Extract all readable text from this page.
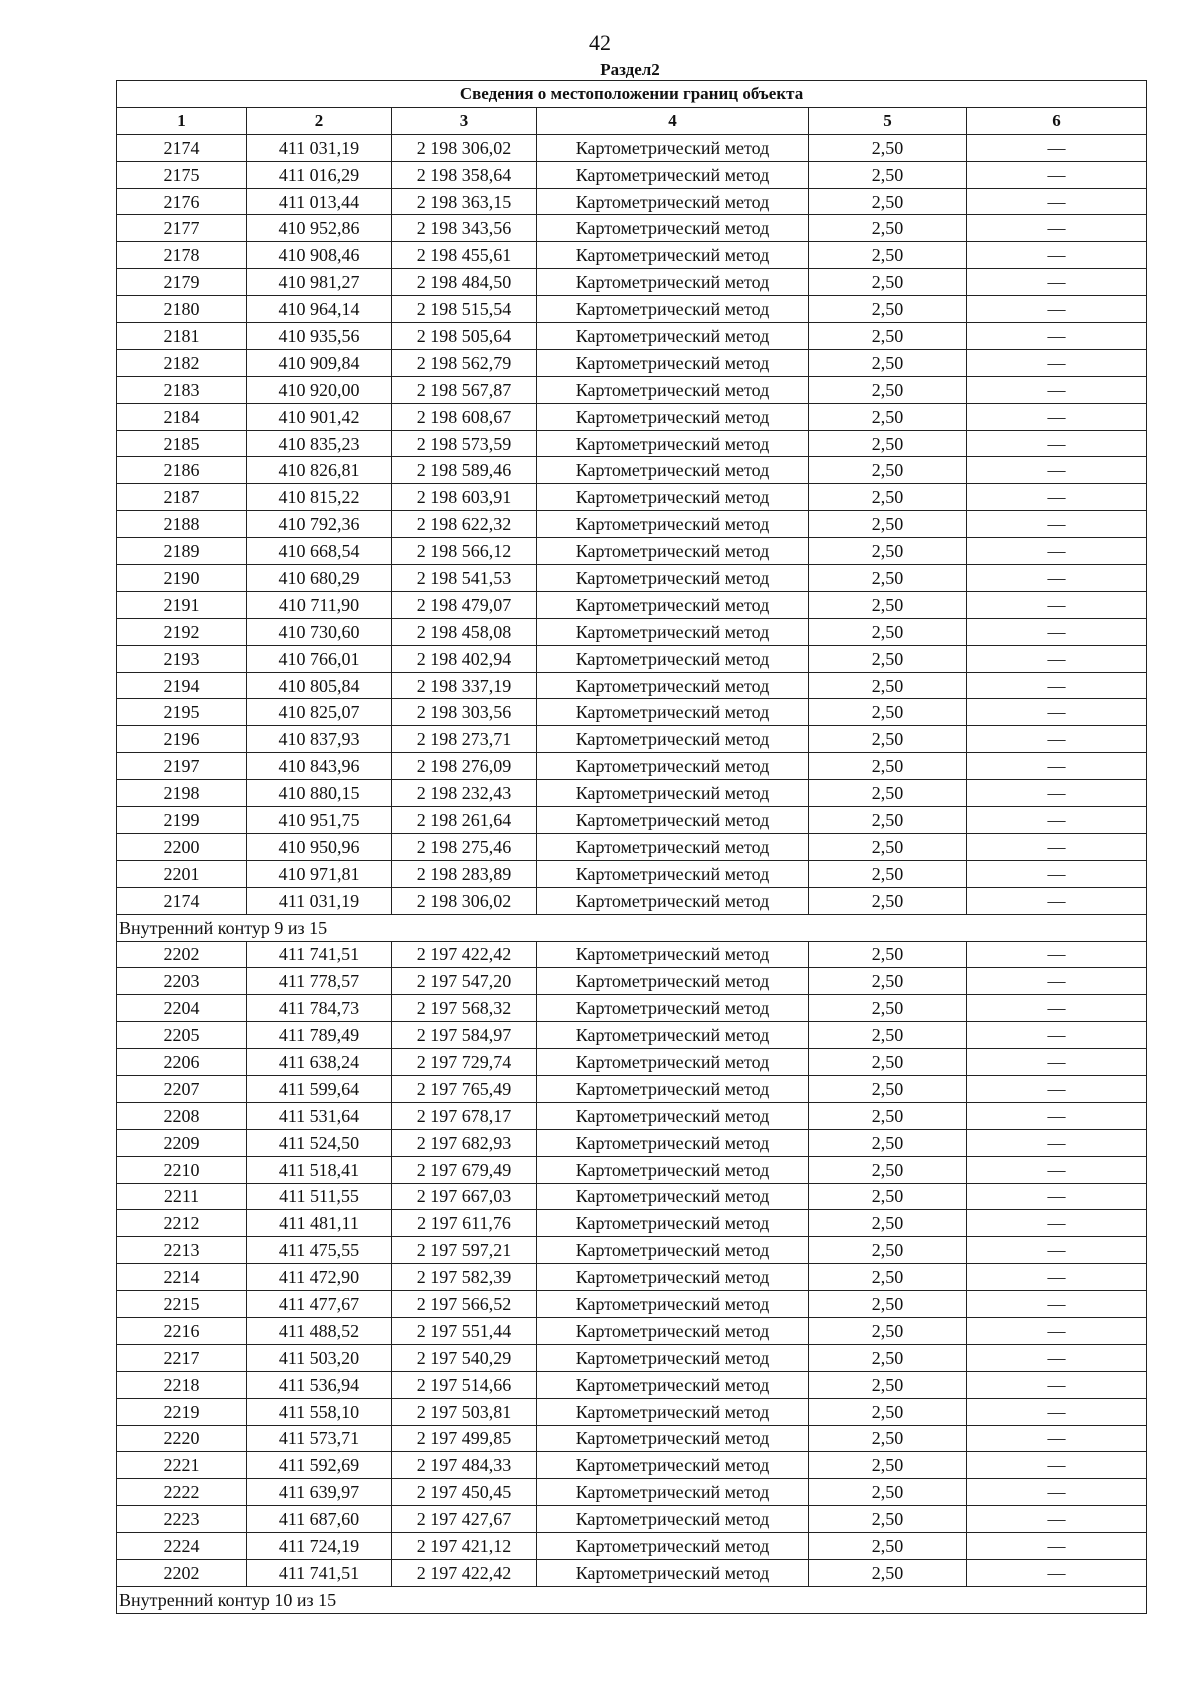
42
Раздел2
Сведения о местоположении границ объекта					
1	2	3	4	5	6
2174	411 031,19	2 198 306,02	Картометрический метод	2,50	—
2175	411 016,29	2 198 358,64	Картометрический метод	2,50	—
2176	411 013,44	2 198 363,15	Картометрический метод	2,50	—
2177	410 952,86	2 198 343,56	Картометрический метод	2,50	—
2178	410 908,46	2 198 455,61	Картометрический метод	2,50	—
2179	410 981,27	2 198 484,50	Картометрический метод	2,50	—
2180	410 964,14	2 198 515,54	Картометрический метод	2,50	—
2181	410 935,56	2 198 505,64	Картометрический метод	2,50	—
2182	410 909,84	2 198 562,79	Картометрический метод	2,50	—
2183	410 920,00	2 198 567,87	Картометрический метод	2,50	—
2184	410 901,42	2 198 608,67	Картометрический метод	2,50	—
2185	410 835,23	2 198 573,59	Картометрический метод	2,50	—
2186	410 826,81	2 198 589,46	Картометрический метод	2,50	—
2187	410 815,22	2 198 603,91	Картометрический метод	2,50	—
2188	410 792,36	2 198 622,32	Картометрический метод	2,50	—
2189	410 668,54	2 198 566,12	Картометрический метод	2,50	—
2190	410 680,29	2 198 541,53	Картометрический метод	2,50	—
2191	410 711,90	2 198 479,07	Картометрический метод	2,50	—
2192	410 730,60	2 198 458,08	Картометрический метод	2,50	—
2193	410 766,01	2 198 402,94	Картометрический метод	2,50	—
2194	410 805,84	2 198 337,19	Картометрический метод	2,50	—
2195	410 825,07	2 198 303,56	Картометрический метод	2,50	—
2196	410 837,93	2 198 273,71	Картометрический метод	2,50	—
2197	410 843,96	2 198 276,09	Картометрический метод	2,50	—
2198	410 880,15	2 198 232,43	Картометрический метод	2,50	—
2199	410 951,75	2 198 261,64	Картометрический метод	2,50	—
2200	410 950,96	2 198 275,46	Картометрический метод	2,50	—
2201	410 971,81	2 198 283,89	Картометрический метод	2,50	—
2174	411 031,19	2 198 306,02	Картометрический метод	2,50	—
Внутренний контур 9 из 15					
2202	411 741,51	2 197 422,42	Картометрический метод	2,50	—
2203	411 778,57	2 197 547,20	Картометрический метод	2,50	—
2204	411 784,73	2 197 568,32	Картометрический метод	2,50	—
2205	411 789,49	2 197 584,97	Картометрический метод	2,50	—
2206	411 638,24	2 197 729,74	Картометрический метод	2,50	—
2207	411 599,64	2 197 765,49	Картометрический метод	2,50	—
2208	411 531,64	2 197 678,17	Картометрический метод	2,50	—
2209	411 524,50	2 197 682,93	Картометрический метод	2,50	—
2210	411 518,41	2 197 679,49	Картометрический метод	2,50	—
2211	411 511,55	2 197 667,03	Картометрический метод	2,50	—
2212	411 481,11	2 197 611,76	Картометрический метод	2,50	—
2213	411 475,55	2 197 597,21	Картометрический метод	2,50	—
2214	411 472,90	2 197 582,39	Картометрический метод	2,50	—
2215	411 477,67	2 197 566,52	Картометрический метод	2,50	—
2216	411 488,52	2 197 551,44	Картометрический метод	2,50	—
2217	411 503,20	2 197 540,29	Картометрический метод	2,50	—
2218	411 536,94	2 197 514,66	Картометрический метод	2,50	—
2219	411 558,10	2 197 503,81	Картометрический метод	2,50	—
2220	411 573,71	2 197 499,85	Картометрический метод	2,50	—
2221	411 592,69	2 197 484,33	Картометрический метод	2,50	—
2222	411 639,97	2 197 450,45	Картометрический метод	2,50	—
2223	411 687,60	2 197 427,67	Картометрический метод	2,50	—
2224	411 724,19	2 197 421,12	Картометрический метод	2,50	—
2202	411 741,51	2 197 422,42	Картометрический метод	2,50	—
Внутренний контур 10 из 15					
